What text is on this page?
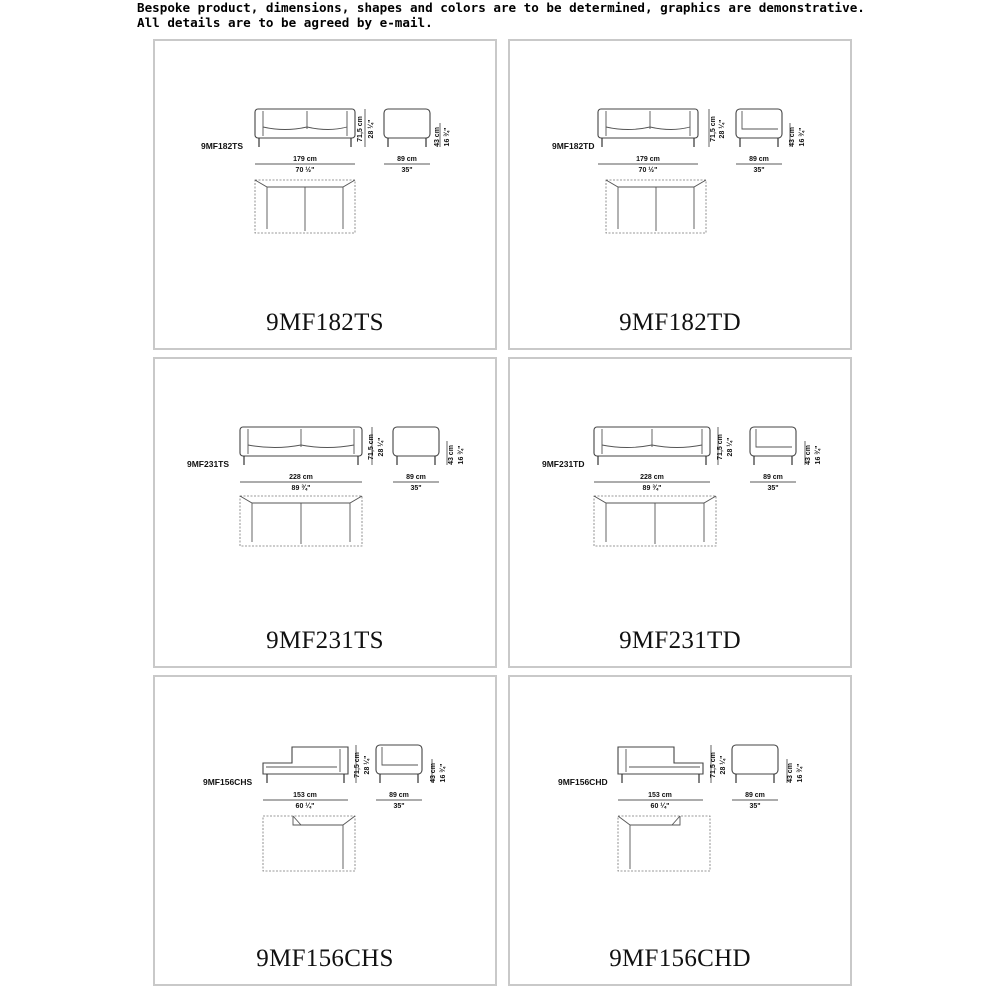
Bespoke product, dimensions, shapes and colors are to be determined, graphics are demonstrative. All details are to be agreed by e-mail.

9MF182TS
71,5 cm 28 ¼"	43 cm 16 ¾"
179 cm
70 ½"
89 cm
35"
9MF182TS
9MF182TD
71,5 cm 28 ¼"	43 cm 16 ¾"
179 cm
70 ½"
89 cm
35"
9MF182TD
9MF231TS
71,5 cm 28 ¼"	43 cm 16 ¾"
228 cm
89 ¾"
89 cm
35"
9MF231TS
9MF231TD
71,5 cm 28 ¼"	43 cm 16 ¾"
228 cm
89 ¾"
89 cm
35"
9MF231TD
9MF156CHS
71,5 cm 28 ¼"	43 cm 16 ¾"
153 cm
60 ¼"
89 cm
35"
9MF156CHS
9MF156CHD
71,5 cm 28 ¼"	43 cm 16 ¾"
153 cm
60 ¼"
89 cm
35"
9MF156CHD
